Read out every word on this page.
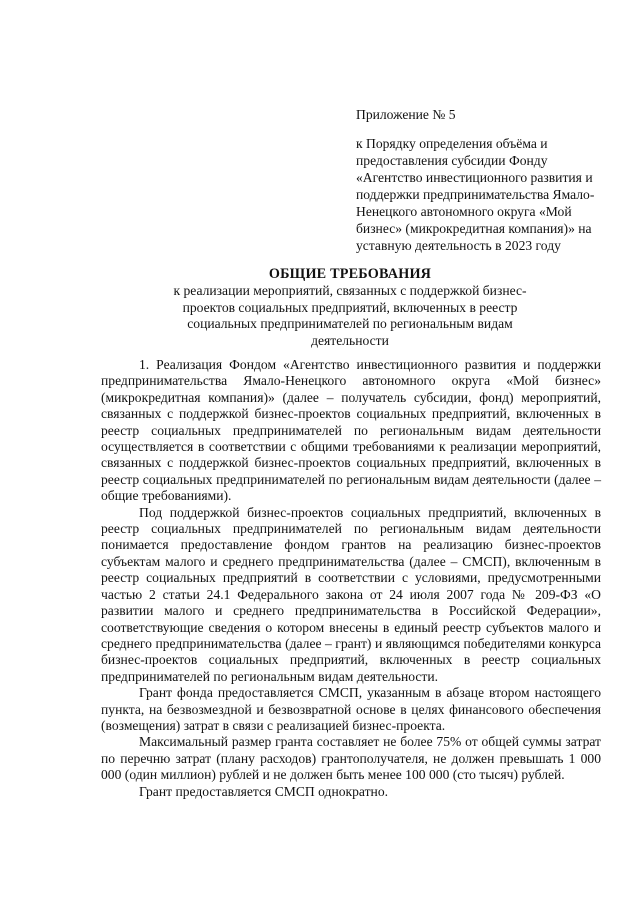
Приложение № 5

к Порядку определения объёма и предоставления субсидии Фонду «Агентство инвестиционного развития и поддержки предпринимательства Ямало-Ненецкого автономного округа «Мой бизнес» (микрокредитная компания)» на уставную деятельность в 2023 году

ОБЩИЕ ТРЕБОВАНИЯ
к реализации мероприятий, связанных с поддержкой бизнес-проектов социальных предприятий, включенных в реестр социальных предпринимателей по региональным видам деятельности

1. Реализация Фондом «Агентство инвестиционного развития и поддержки предпринимательства Ямало-Ненецкого автономного округа «Мой бизнес» (микрокредитная компания)» (далее – получатель субсидии, фонд) мероприятий, связанных с поддержкой бизнес-проектов социальных предприятий, включенных в реестр социальных предпринимателей по региональным видам деятельности осуществляется в соответствии с общими требованиями к реализации мероприятий, связанных с поддержкой бизнес-проектов социальных предприятий, включенных в реестр социальных предпринимателей по региональным видам деятельности (далее – общие требованиями).

Под поддержкой бизнес-проектов социальных предприятий, включенных в реестр социальных предпринимателей по региональным видам деятельности понимается предоставление фондом грантов на реализацию бизнес-проектов субъектам малого и среднего предпринимательства (далее – СМСП), включенным в реестр социальных предприятий в соответствии с условиями, предусмотренными частью 2 статьи 24.1 Федерального закона от 24 июля 2007 года № 209-ФЗ «О развитии малого и среднего предпринимательства в Российской Федерации», соответствующие сведения о котором внесены в единый реестр субъектов малого и среднего предпринимательства (далее – грант) и являющимся победителями конкурса бизнес-проектов социальных предприятий, включенных в реестр социальных предпринимателей по региональным видам деятельности.

Грант фонда предоставляется СМСП, указанным в абзаце втором настоящего пункта, на безвозмездной и безвозвратной основе в целях финансового обеспечения (возмещения) затрат в связи с реализацией бизнес-проекта.

Максимальный размер гранта составляет не более 75% от общей суммы затрат по перечню затрат (плану расходов) грантополучателя, не должен превышать 1 000 000 (один миллион) рублей и не должен быть менее 100 000 (сто тысяч) рублей.

Грант предоставляется СМСП однократно.
